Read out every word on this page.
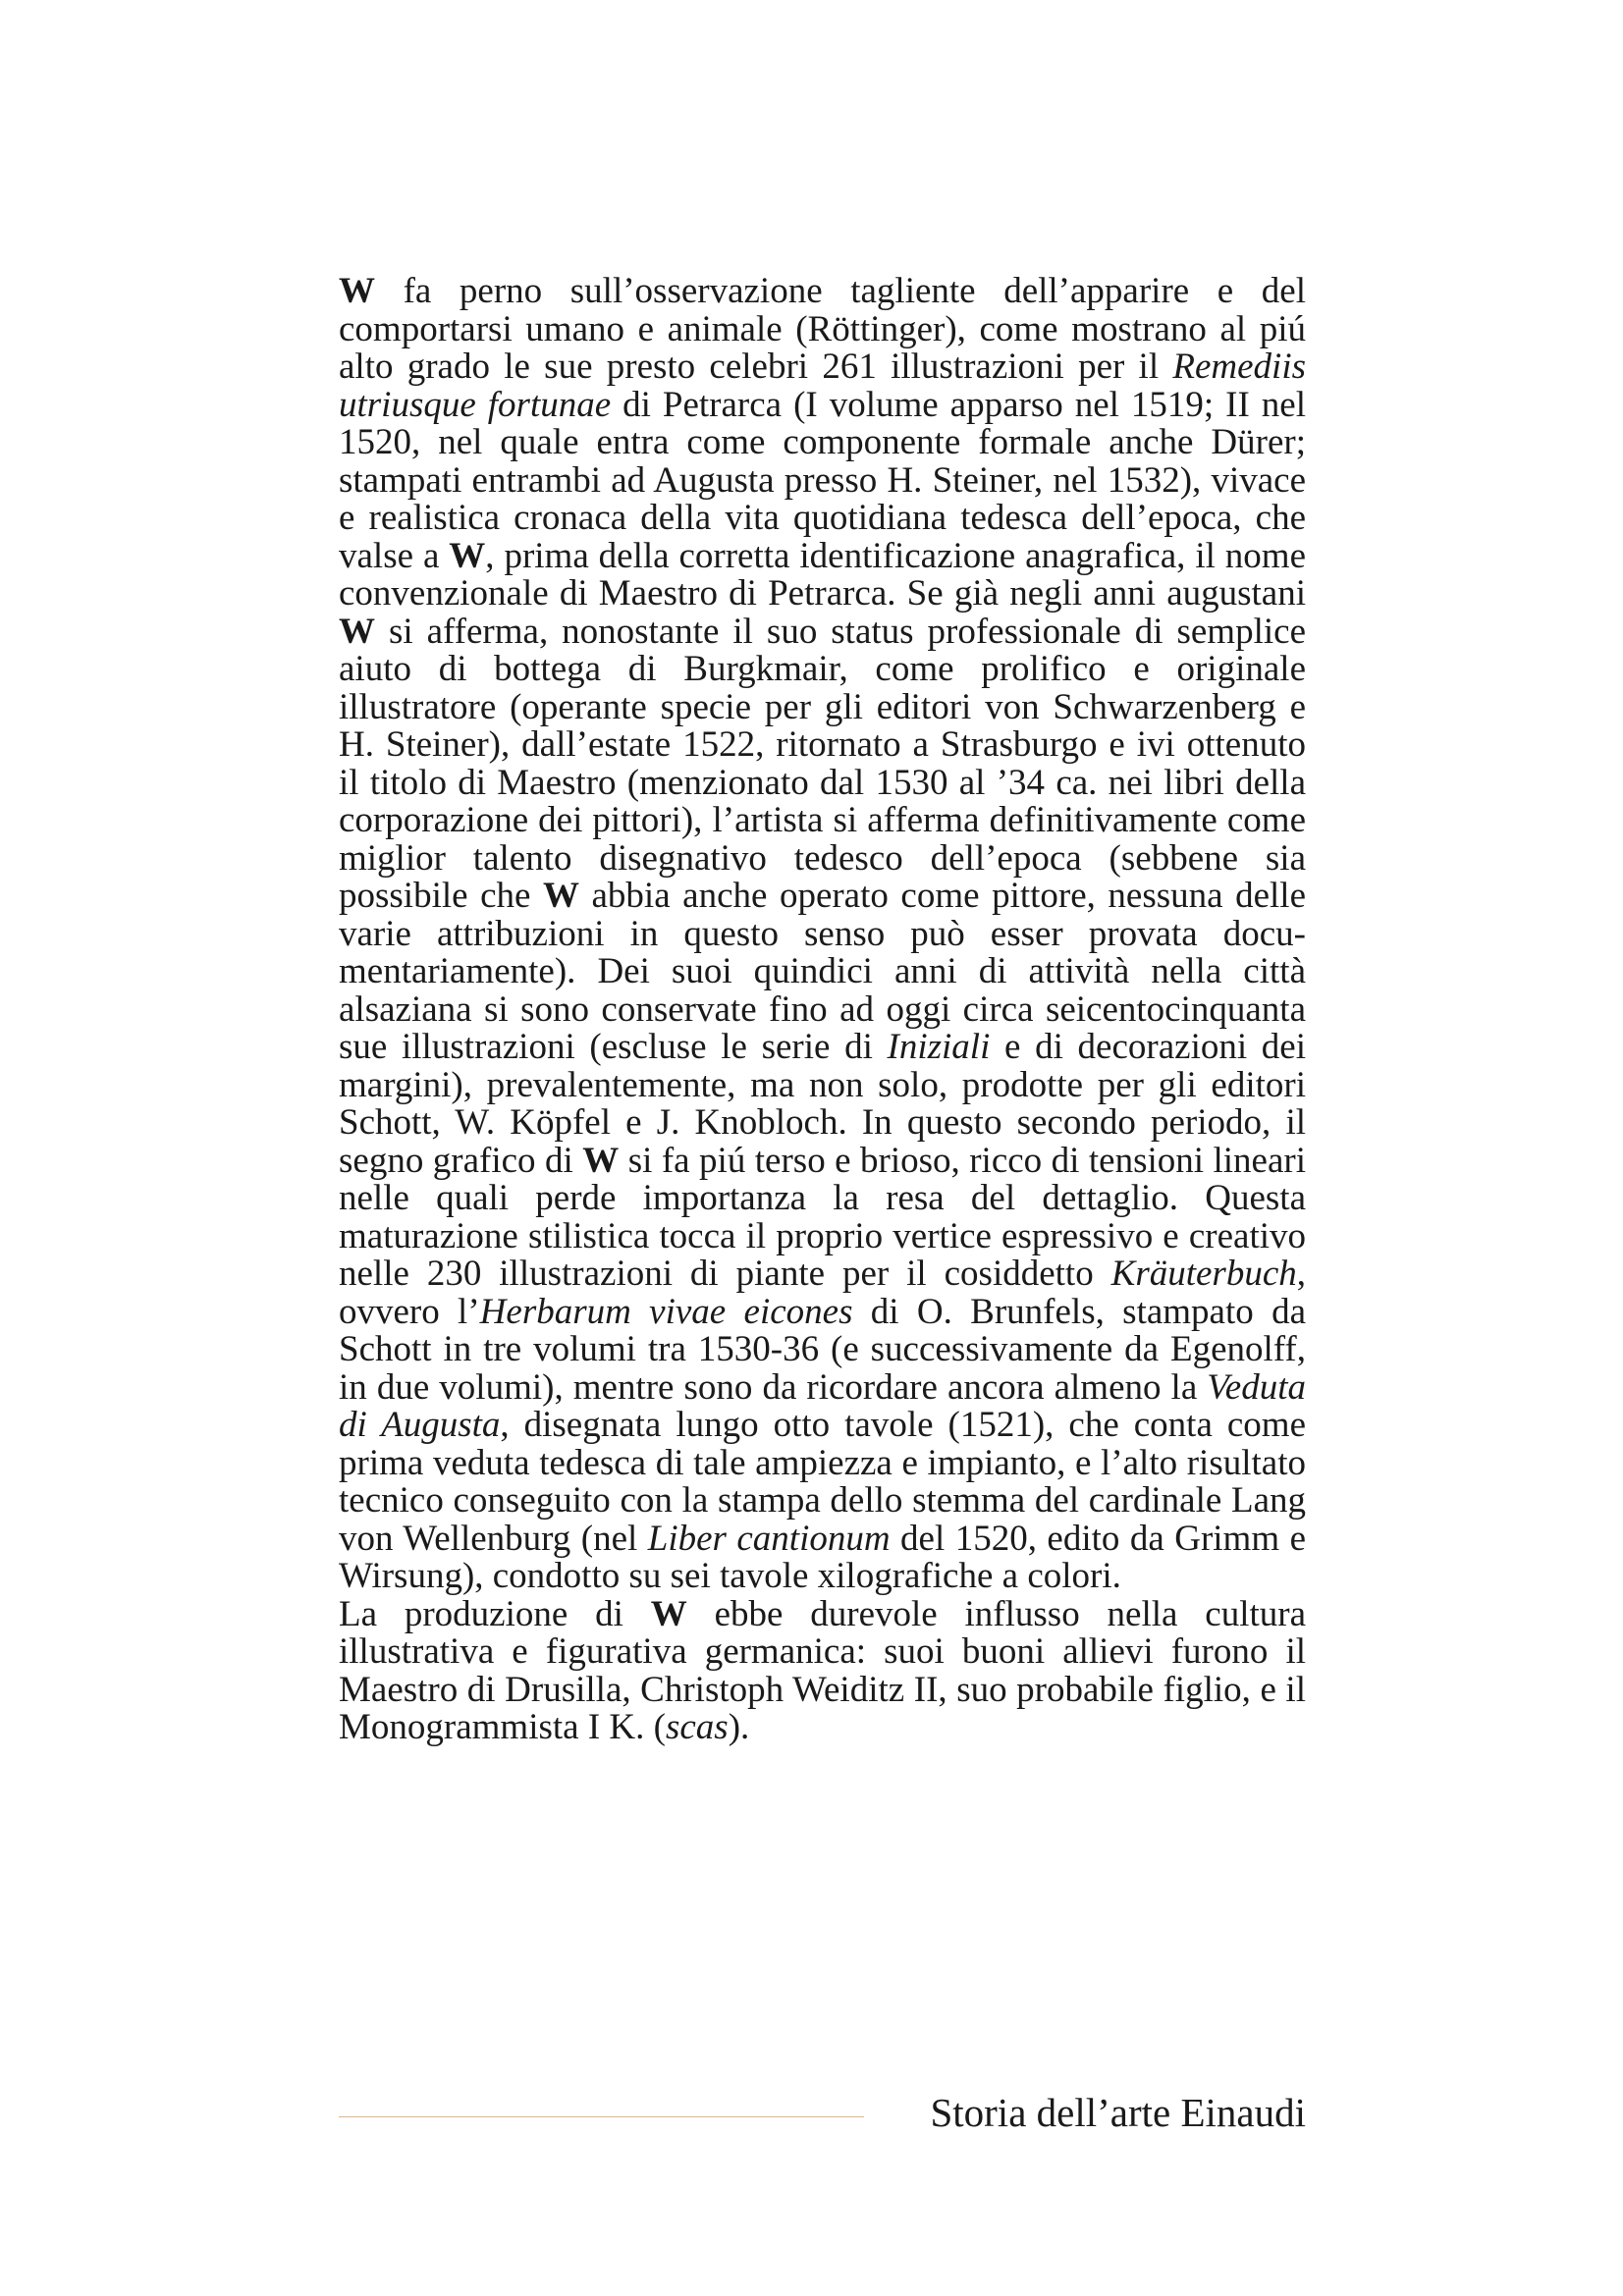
W fa perno sull’osservazione tagliente dell’apparire e del comportarsi umano e animale (Röttinger), come mostrano al piú alto grado le sue presto celebri 261 illustrazioni per il Remediis utriusque fortunae di Petrarca (I volume apparso nel 1519; II nel 1520, nel quale entra come componente formale anche Dürer; stampati entrambi ad Augusta presso H. Steiner, nel 1532), vivace e realistica cronaca della vita quotidiana tedesca dell’epoca, che valse a W, prima della corretta identificazione anagrafica, il nome convenzionale di Maestro di Petrarca. Se già negli anni augustani W si afferma, nonostante il suo status professionale di semplice aiuto di bottega di Burgkmair, come prolifico e originale illustratore (operante specie per gli editori von Schwarzenberg e H. Steiner), dall’estate 1522, ritornato a Strasburgo e ivi ottenuto il titolo di Maestro (menzionato dal 1530 al ’34 ca. nei libri della corporazione dei pittori), l’artista si afferma definitivamente come miglior talento disegnativo tedesco dell’epoca (sebbene sia possibile che W abbia anche operato come pittore, nessuna delle varie attribuzioni in questo senso può esser provata documentariamente). Dei suoi quindici anni di attività nella città alsaziana si sono conservate fino ad oggi circa seicentocinquanta sue illustrazioni (escluse le serie di Iniziali e di decorazioni dei margini), prevalentemente, ma non solo, prodotte per gli editori Schott, W. Köpfel e J. Knobloch. In questo secondo periodo, il segno grafico di W si fa piú terso e brioso, ricco di tensioni lineari nelle quali perde importanza la resa del dettaglio. Questa maturazione stilistica tocca il proprio vertice espressivo e creativo nelle 230 illustrazioni di piante per il cosiddetto Kräuterbuch, ovvero l’Herbarum vivae eicones di O. Brunfels, stampato da Schott in tre volumi tra 1530-36 (e successivamente da Egenolff, in due volumi), mentre sono da ricordare ancora almeno la Veduta di Augusta, disegnata lungo otto tavole (1521), che conta come prima veduta tedesca di tale ampiezza e impianto, e l’alto risultato tecnico conseguito con la stampa dello stemma del cardinale Lang von Wellenburg (nel Liber cantionum del 1520, edito da Grimm e Wirsung), condotto su sei tavole xilografiche a colori.

La produzione di W ebbe durevole influsso nella cultura illustrativa e figurativa germanica: suoi buoni allievi furono il Maestro di Drusilla, Christoph Weiditz II, suo probabile figlio, e il Monogrammista I K. (scas).

Storia dell’arte Einaudi
